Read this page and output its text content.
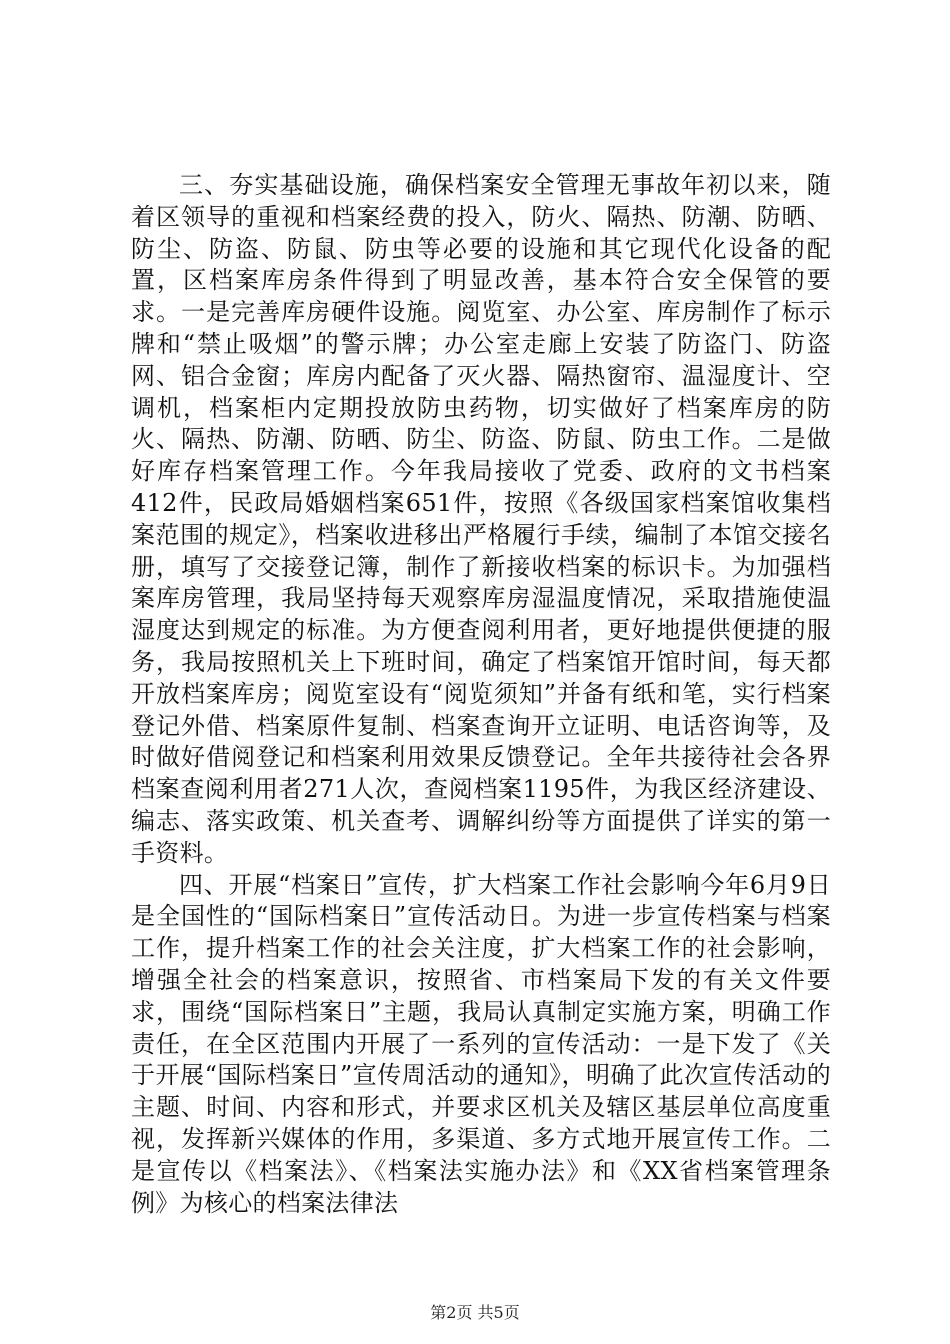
三、夯实基础设施，确保档案安全管理无事故年初以来，随着区领导的重视和档案经费的投入，防火、隔热、防潮、防晒、防尘、防盗、防鼠、防虫等必要的设施和其它现代化设备的配置，区档案库房条件得到了明显改善，基本符合安全保管的要求。一是完善库房硬件设施。阅览室、办公室、库房制作了标示牌和“禁止吸烟”的警示牌；办公室走廊上安装了防盗门、防盗网、铝合金窗；库房内配备了灭火器、隔热窗帘、温湿度计、空调机，档案柜内定期投放防虫药物，切实做好了档案库房的防火、隔热、防潮、防晒、防尘、防盗、防鼠、防虫工作。二是做好库存档案管理工作。今年我局接收了党委、政府的文书档案412件，民政局婚姻档案651件，按照《各级国家档案馆收集档案范围的规定》，档案收进移出严格履行手续，编制了本馆交接名册，填写了交接登记簿，制作了新接收档案的标识卡。为加强档案库房管理，我局坚持每天观察库房湿温度情况，采取措施使温湿度达到规定的标准。为方便查阅利用者，更好地提供便捷的服务，我局按照机关上下班时间，确定了档案馆开馆时间，每天都开放档案库房；阅览室设有“阅览须知”并备有纸和笔，实行档案登记外借、档案原件复制、档案查询开立证明、电话咨询等，及时做好借阅登记和档案利用效果反馈登记。全年共接待社会各界档案查阅利用者271人次，查阅档案1195件，为我区经济建设、编志、落实政策、机关查考、调解纠纷等方面提供了详实的第一手资料。

四、开展“档案日”宣传，扩大档案工作社会影响今年6月9日是全国性的“国际档案日”宣传活动日。为进一步宣传档案与档案工作，提升档案工作的社会关注度，扩大档案工作的社会影响，增强全社会的档案意识，按照省、市档案局下发的有关文件要求，围绕“国际档案日”主题，我局认真制定实施方案，明确工作责任，在全区范围内开展了一系列的宣传活动：一是下发了《关于开展“国际档案日”宣传周活动的通知》，明确了此次宣传活动的主题、时间、内容和形式，并要求区机关及辖区基层单位高度重视，发挥新兴媒体的作用，多渠道、多方式地开展宣传工作。二是宣传以《档案法》、《档案法实施办法》和《XX省档案管理条例》为核心的档案法律法

第2页 共5页
